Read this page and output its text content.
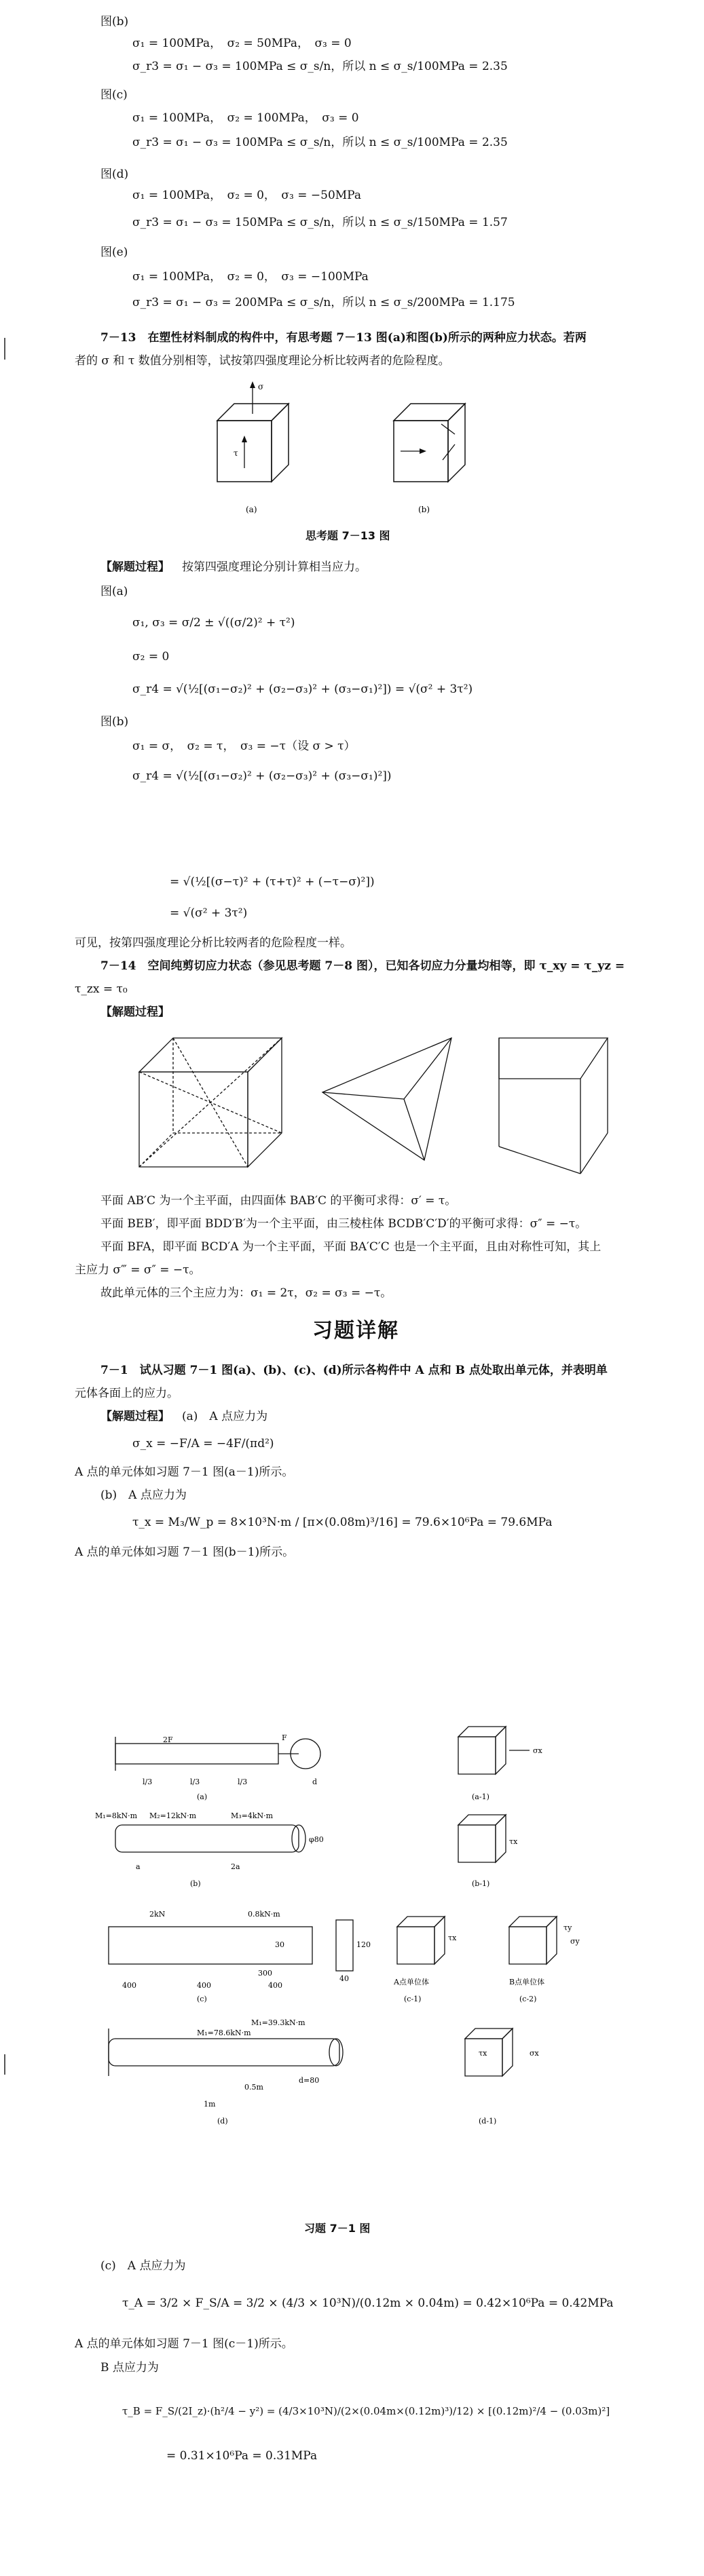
图(b)
σ₁ = 100MPa，　σ₂ = 50MPa，　σ₃ = 0
σ_r3 = σ₁ − σ₃ = 100MPa ≤ σ_s/n，所以 n ≤ σ_s/100MPa = 2.35
图(c)
σ₁ = 100MPa，　σ₂ = 100MPa，　σ₃ = 0
σ_r3 = σ₁ − σ₃ = 100MPa ≤ σ_s/n，所以 n ≤ σ_s/100MPa = 2.35
图(d)
σ₁ = 100MPa，　σ₂ = 0，　σ₃ = −50MPa
σ_r3 = σ₁ − σ₃ = 150MPa ≤ σ_s/n，所以 n ≤ σ_s/150MPa = 1.57
图(e)
σ₁ = 100MPa，　σ₂ = 0，　σ₃ = −100MPa
σ_r3 = σ₁ − σ₃ = 200MPa ≤ σ_s/n，所以 n ≤ σ_s/200MPa = 1.175
7－13　在塑性材料制成的构件中，有思考题 7－13 图(a)和图(b)所示的两种应力状态。若两
者的 σ 和 τ 数值分别相等，试按第四强度理论分析比较两者的危险程度。
σ
τ
(a)	(b)
思考题 7－13 图
【解题过程】 按第四强度理论分别计算相当应力。
图(a)
σ₁, σ₃ = σ/2 ± √((σ/2)² + τ²)
σ₂ = 0
σ_r4 = √(½[(σ₁−σ₂)² + (σ₂−σ₃)² + (σ₃−σ₁)²]) = √(σ² + 3τ²)
图(b)
σ₁ = σ，　σ₂ = τ，　σ₃ = −τ（设 σ > τ）
σ_r4 = √(½[(σ₁−σ₂)² + (σ₂−σ₃)² + (σ₃−σ₁)²])
= √(½[(σ−τ)² + (τ+τ)² + (−τ−σ)²])
= √(σ² + 3τ²)
可见，按第四强度理论分析比较两者的危险程度一样。
7－14　空间纯剪切应力状态（参见思考题 7－8 图），已知各切应力分量均相等，即 τ_xy = τ_yz =
τ_zx = τ₀
【解题过程】
平面 AB′C 为一个主平面，由四面体 BAB′C 的平衡可求得：σ′ = τ。
平面 BEB′，即平面 BDD′B′为一个主平面，由三棱柱体 BCDB′C′D′的平衡可求得：σ″ = −τ。
平面 BFA，即平面 BCD′A 为一个主平面，平面 BA′C′C 也是一个主平面，且由对称性可知，其上
主应力 σ‴ = σ″ = −τ。
故此单元体的三个主应力为：σ₁ = 2τ，σ₂ = σ₃ = −τ。
习题详解
7－1　试从习题 7－1 图(a)、(b)、(c)、(d)所示各构件中 A 点和 B 点处取出单元体，并表明单
元体各面上的应力。
【解题过程】 (a)　A 点应力为
σ_x = −F/A = −4F/(πd²)
A 点的单元体如习题 7－1 图(a－1)所示。
(b)　A 点应力为
τ_x = M₃/W_p = 8×10³N·m / [π×(0.08m)³/16] = 79.6×10⁶Pa = 79.6MPa
A 点的单元体如习题 7－1 图(b－1)所示。
2F	F
l/3	l/3	l/3	d
(a)
σx
(a-1)
M₁=8kN·m M₂=12kN·m	M₃=4kN·m
φ80
a	2a
(b)
τx
(b-1)
2kN	0.8kN·m
400	400	400
300
120
40
30
(c)
τx
A点单位体
(c-1)
τy
σy
B点单位体
(c-2)
M₁=39.3kN·m
M₁=78.6kN·m
d=80
0.5m
1m
(d)
τx	σx
(d-1)
习题 7－1 图
(c)　A 点应力为
τ_A = 3/2 × F_S/A = 3/2 × (4/3 × 10³N)/(0.12m × 0.04m) = 0.42×10⁶Pa = 0.42MPa
A 点的单元体如习题 7－1 图(c－1)所示。
B 点应力为
τ_B = F_S/(2I_z)·(h²/4 − y²) = (4/3×10³N)/(2×(0.04m×(0.12m)³)/12) × [(0.12m)²/4 − (0.03m)²]
= 0.31×10⁶Pa = 0.31MPa
